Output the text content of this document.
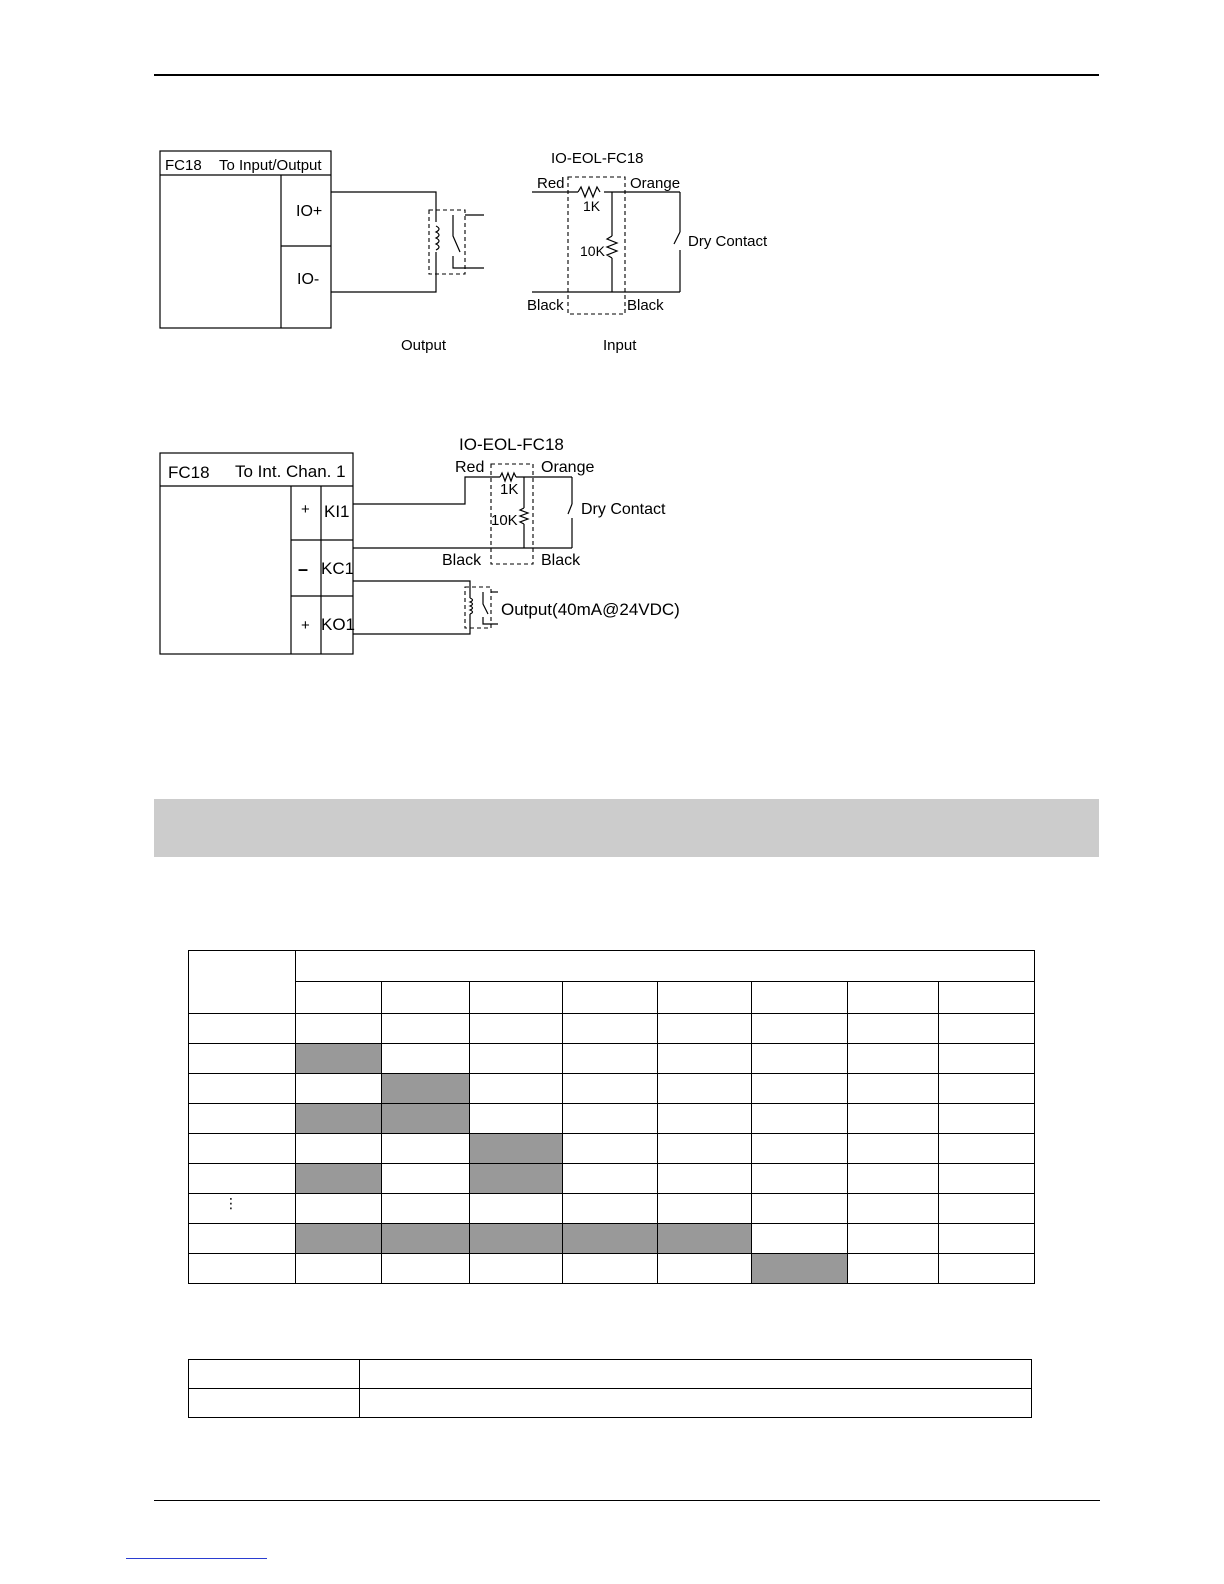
FC18 To Input/Output
IO+
IO-
Output
IO-EOL-FC18
Red	Orange
1K
10K
Black	Black
Dry Contact
Input
FC18 To Int. Chan. 1
+
–
+
KI1
KC1
KO1
IO-EOL-FC18
Red	Orange
1K
10K
Black	Black
Dry Contact
Output(40mA@24VDC)

⋮
